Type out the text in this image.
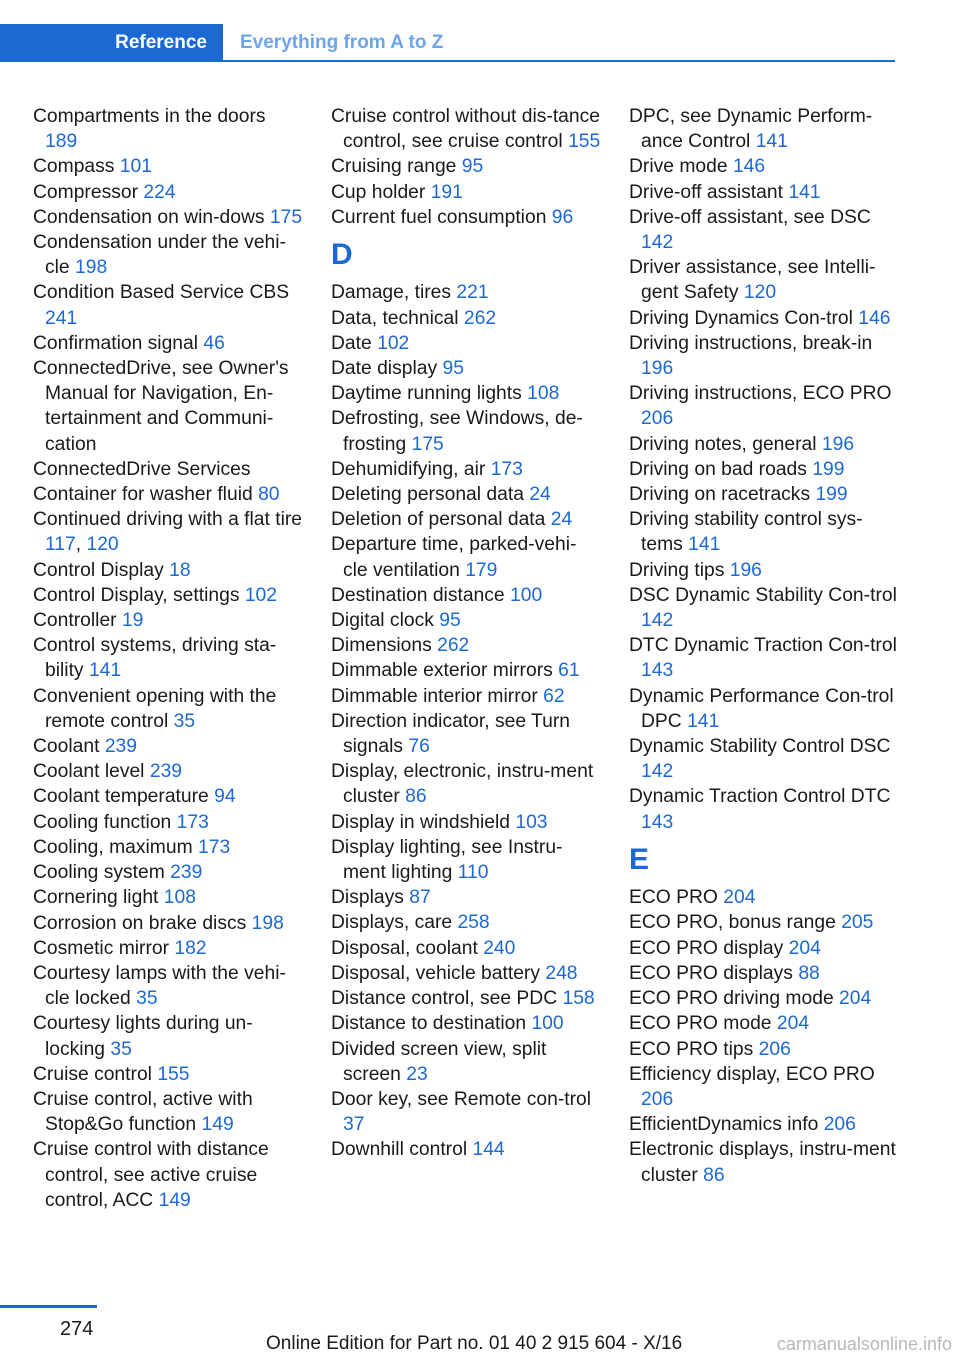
Reference	Everything from A to Z
Compartments in the doors 189
Compass 101
Compressor 224
Condensation on win‐dows 175
Condensation under the vehi‐cle 198
Condition Based Service CBS 241
Confirmation signal 46
ConnectedDrive, see Owner's Manual for Navigation, En‐tertainment and Communi‐cation
ConnectedDrive Services
Container for washer fluid 80
Continued driving with a flat tire 117, 120
Control Display 18
Control Display, settings 102
Controller 19
Control systems, driving sta‐bility 141
Convenient opening with the remote control 35
Coolant 239
Coolant level 239
Coolant temperature 94
Cooling function 173
Cooling, maximum 173
Cooling system 239
Cornering light 108
Corrosion on brake discs 198
Cosmetic mirror 182
Courtesy lamps with the vehi‐cle locked 35
Courtesy lights during un‐locking 35
Cruise control 155
Cruise control, active with Stop&Go function 149
Cruise control with distance control, see active cruise control, ACC 149
Cruise control without dis‐tance control, see cruise control 155
Cruising range 95
Cup holder 191
Current fuel consumption 96
D
Damage, tires 221
Data, technical 262
Date 102
Date display 95
Daytime running lights 108
Defrosting, see Windows, de‐frosting 175
Dehumidifying, air 173
Deleting personal data 24
Deletion of personal data 24
Departure time, parked-vehi‐cle ventilation 179
Destination distance 100
Digital clock 95
Dimensions 262
Dimmable exterior mirrors 61
Dimmable interior mirror 62
Direction indicator, see Turn signals 76
Display, electronic, instru‐ment cluster 86
Display in windshield 103
Display lighting, see Instru‐ment lighting 110
Displays 87
Displays, care 258
Disposal, coolant 240
Disposal, vehicle battery 248
Distance control, see PDC 158
Distance to destination 100
Divided screen view, split screen 23
Door key, see Remote con‐trol 37
Downhill control 144
DPC, see Dynamic Perform‐ance Control 141
Drive mode 146
Drive-off assistant 141
Drive-off assistant, see DSC 142
Driver assistance, see Intelli‐gent Safety 120
Driving Dynamics Con‐trol 146
Driving instructions, break-in 196
Driving instructions, ECO PRO 206
Driving notes, general 196
Driving on bad roads 199
Driving on racetracks 199
Driving stability control sys‐tems 141
Driving tips 196
DSC Dynamic Stability Con‐trol 142
DTC Dynamic Traction Con‐trol 143
Dynamic Performance Con‐trol DPC 141
Dynamic Stability Control DSC 142
Dynamic Traction Control DTC 143
E
ECO PRO 204
ECO PRO, bonus range 205
ECO PRO display 204
ECO PRO displays 88
ECO PRO driving mode 204
ECO PRO mode 204
ECO PRO tips 206
Efficiency display, ECO PRO 206
EfficientDynamics info 206
Electronic displays, instru‐ment cluster 86
274
Online Edition for Part no. 01 40 2 915 604 - X/16	carmanualsonline.info
